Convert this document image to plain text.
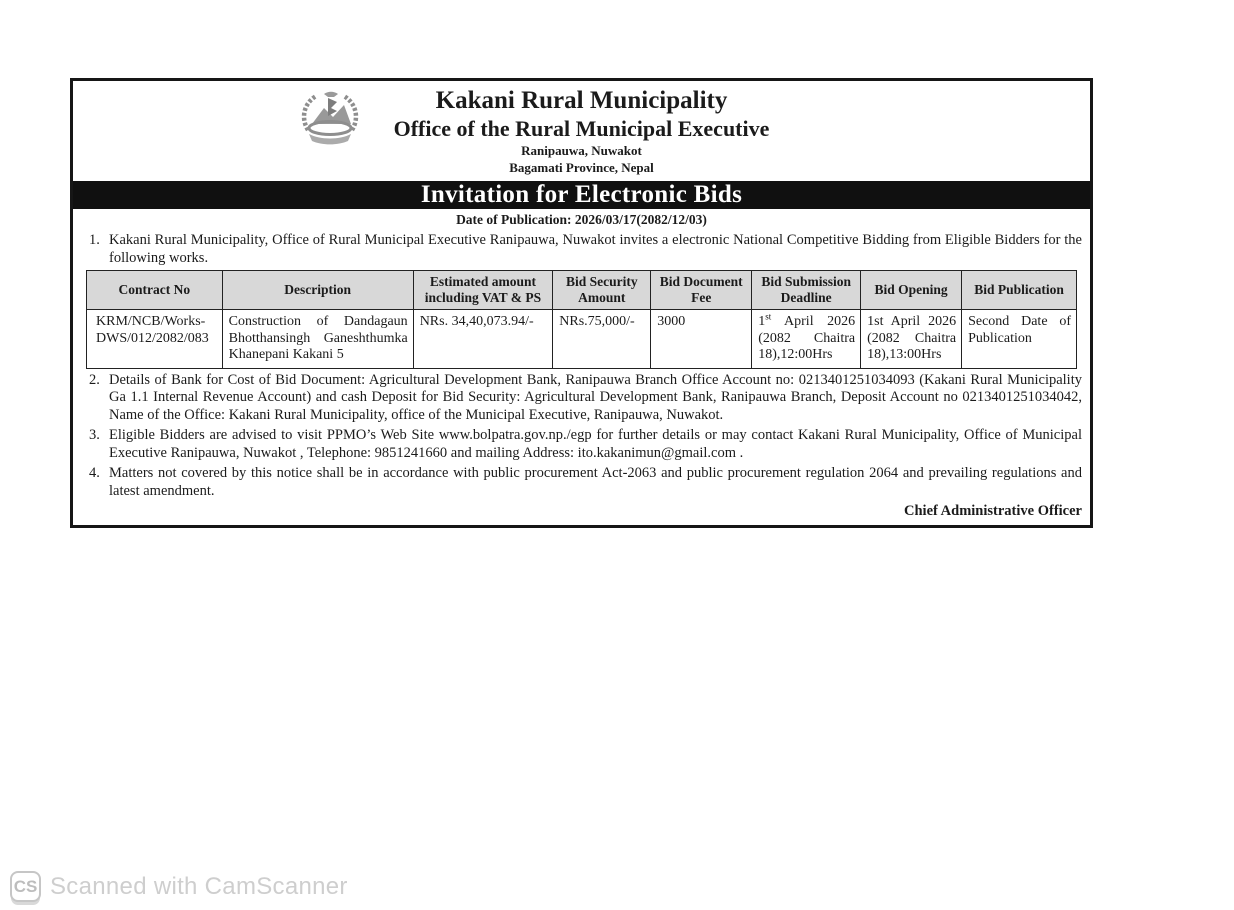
Kakani Rural Municipality
Office of the Rural Municipal Executive
Ranipauwa, Nuwakot
Bagamati Province, Nepal
Invitation for Electronic Bids
Date of Publication: 2026/03/17(2082/12/03)
1. Kakani Rural Municipality, Office of Rural Municipal Executive Ranipauwa, Nuwakot invites a electronic National Competitive Bidding from Eligible Bidders for the following works.
Contract No	Description	Estimated amount including VAT & PS	Bid Security Amount	Bid Document Fee	Bid Submission Deadline	Bid Opening	Bid Publication
KRM/NCB/Works-DWS/012/2082/083	Construction of Dandagaun Bhotthansingh Ganeshthumka Khanepani Kakani 5	NRs. 34,40,073.94/-	NRs.75,000/-	3000	1st April 2026 (2082 Chaitra 18),12:00Hrs	1st April 2026 (2082 Chaitra 18),13:00Hrs	Second Date of Publication
2. Details of Bank for Cost of Bid Document: Agricultural Development Bank, Ranipauwa Branch Office Account no: 0213401251034093 (Kakani Rural Municipality Ga 1.1 Internal Revenue Account) and cash Deposit for Bid Security: Agricultural Development Bank, Ranipauwa Branch, Deposit Account no 0213401251034042, Name of the Office: Kakani Rural Municipality, office of the Municipal Executive, Ranipauwa, Nuwakot.
3. Eligible Bidders are advised to visit PPMO’s Web Site www.bolpatra.gov.np./egp for further details or may contact Kakani Rural Municipality, Office of Municipal Executive Ranipauwa, Nuwakot , Telephone: 9851241660 and mailing Address: ito.kakanimun@gmail.com .
4. Matters not covered by this notice shall be in accordance with public procurement Act-2063 and public procurement regulation 2064 and prevailing regulations and latest amendment.
Chief Administrative Officer
CS Scanned with CamScanner
